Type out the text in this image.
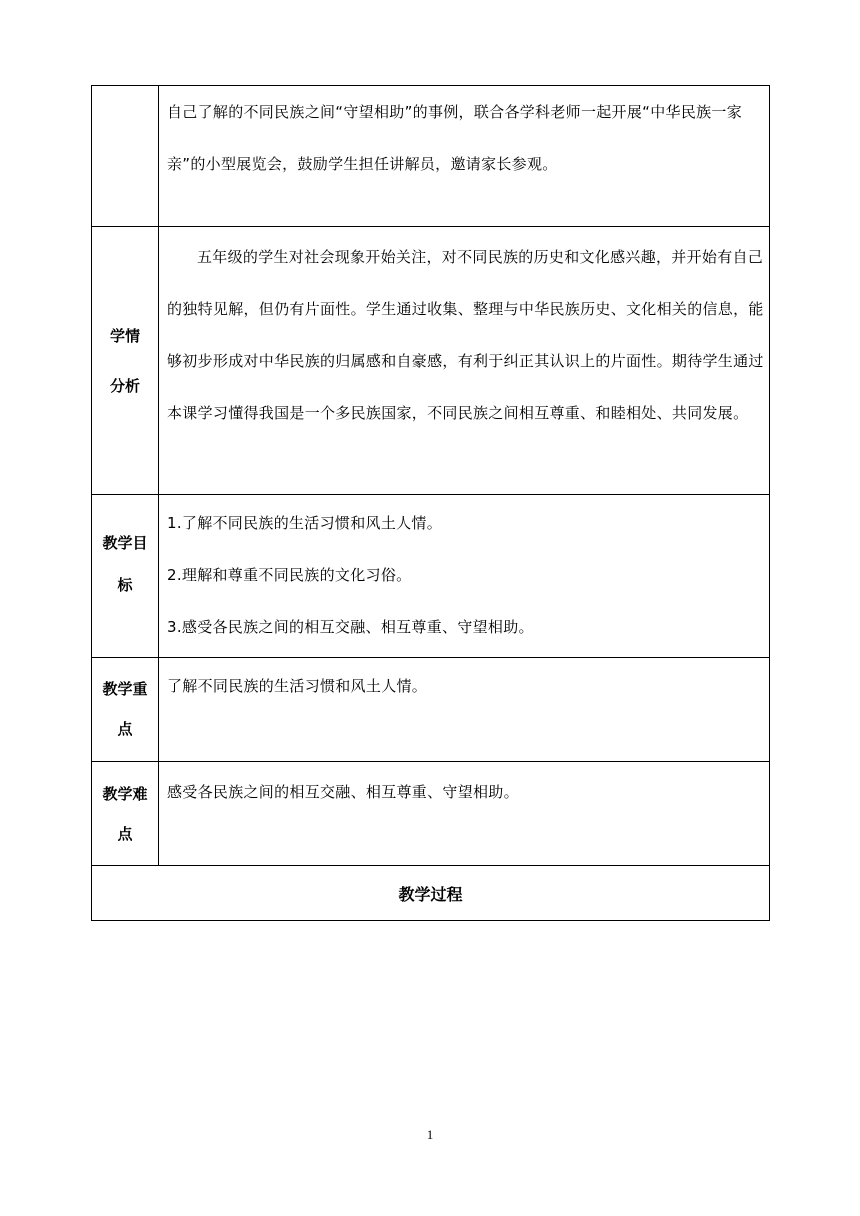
	自己了解的不同民族之间“守望相助”的事例，联合各学科老师一起开展“中华民族一家亲”的小型展览会，鼓励学生担任讲解员，邀请家长参观。

学情
分析	五年级的学生对社会现象开始关注，对不同民族的历史和文化感兴趣，并开始有自己的独特见解，但仍有片面性。学生通过收集、整理与中华民族历史、文化相关的信息，能够初步形成对中华民族的归属感和自豪感，有利于纠正其认识上的片面性。期待学生通过本课学习懂得我国是一个多民族国家，不同民族之间相互尊重、和睦相处、共同发展。

教学目
标	1.了解不同民族的生活习惯和风土人情。
2.理解和尊重不同民族的文化习俗。
3.感受各民族之间的相互交融、相互尊重、守望相助。

教学重
点	了解不同民族的生活习惯和风土人情。

教学难
点	感受各民族之间的相互交融、相互尊重、守望相助。
教学过程	
1
